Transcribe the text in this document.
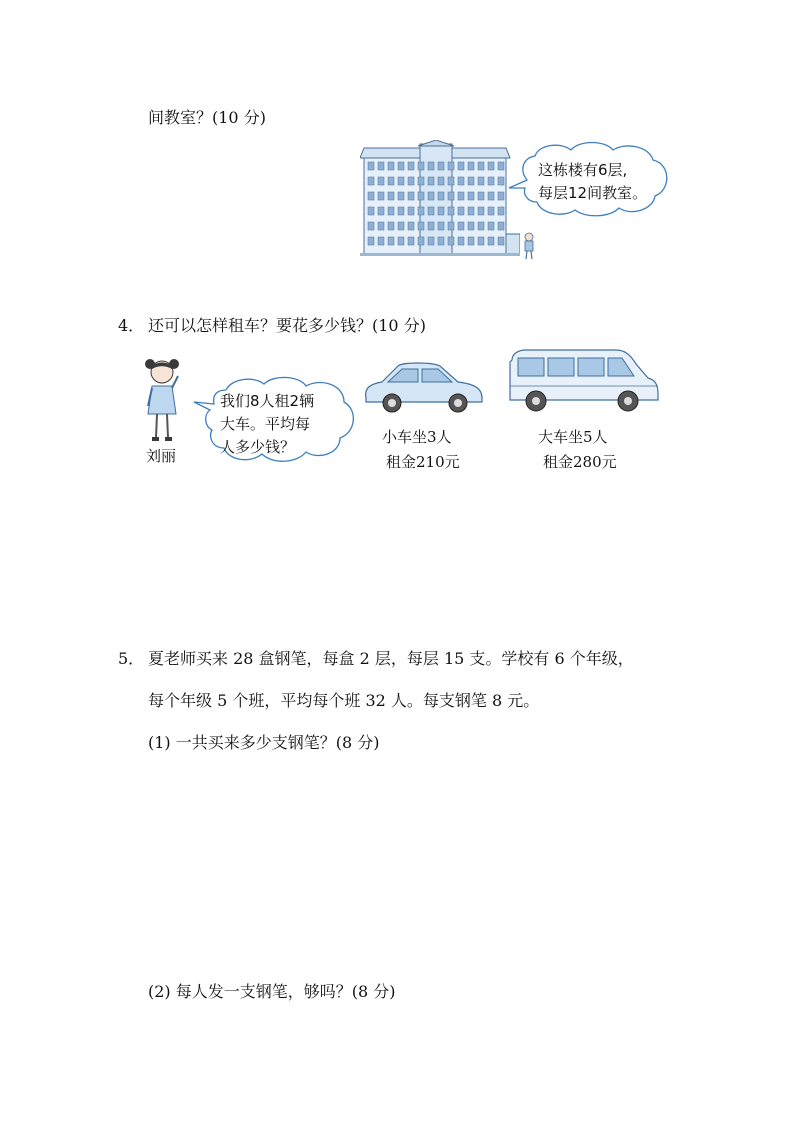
间教室？(10 分)
这栋楼有6层,
每层12间教室。
4． 还可以怎样租车？要花多少钱？(10 分)
刘丽
我们8人租2辆
大车。平均每
人多少钱？
小车坐3人
租金210元
大车坐5人
租金280元
5． 夏老师买来 28 盒钢笔，每盒 2 层，每层 15 支。学校有 6 个年级，
每个年级 5 个班，平均每个班 32 人。每支钢笔 8 元。
(1) 一共买来多少支钢笔？(8 分)
(2) 每人发一支钢笔，够吗？(8 分)
